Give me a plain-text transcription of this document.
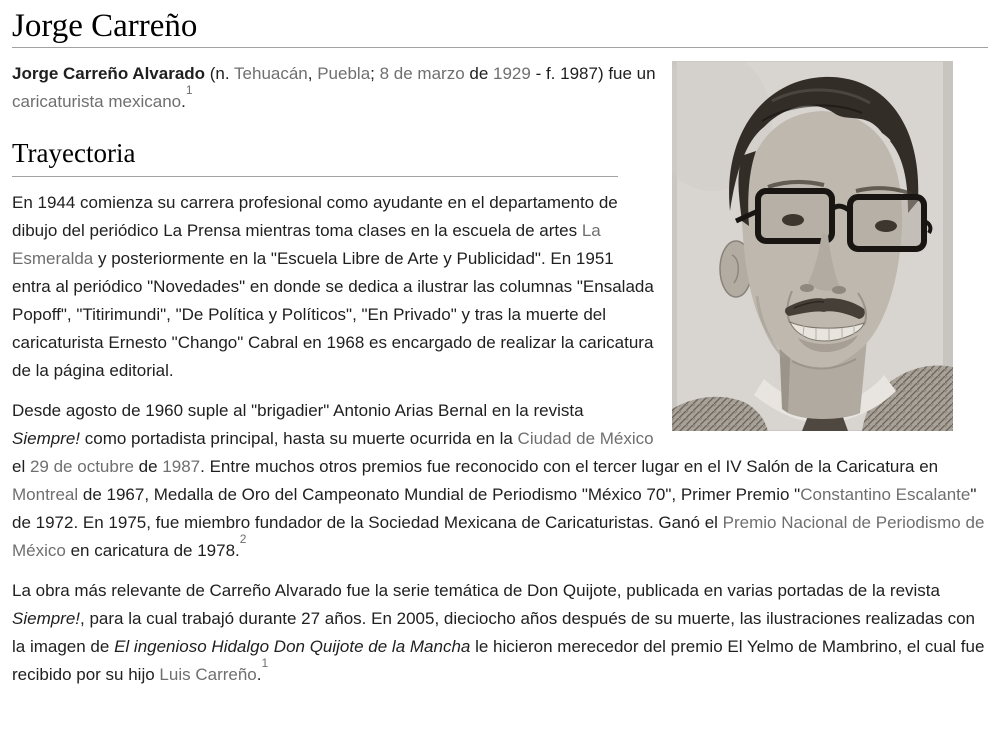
Jorge Carreño

Jorge Carreño Alvarado (n. Tehuacán, Puebla; 8 de marzo de 1929 - f. 1987) fue un caricaturista mexicano.$^1$

Trayectoria

En 1944 comienza su carrera profesional como ayudante en el departamento de dibujo del periódico La Prensa mientras toma clases en la escuela de artes La Esmeralda y posteriormente en la "Escuela Libre de Arte y Publicidad". En 1951 entra al periódico "Novedades" en donde se dedica a ilustrar las columnas "Ensalada Popoff", "Titirimundi", "De Política y Políticos", "En Privado" y tras la muerte del caricaturista Ernesto "Chango" Cabral en 1968 es encargado de realizar la caricatura de la página editorial.

Desde agosto de 1960 suple al "brigadier" Antonio Arias Bernal en la revista Siempre! como portadista principal, hasta su muerte ocurrida en la Ciudad de México el 29 de octubre de 1987. Entre muchos otros premios fue reconocido con el tercer lugar en el IV Salón de la Caricatura en Montreal de 1967, Medalla de Oro del Campeonato Mundial de Periodismo "México 70", Primer Premio "Constantino Escalante" de 1972. En 1975, fue miembro fundador de la Sociedad Mexicana de Caricaturistas. Ganó el Premio Nacional de Periodismo de México en caricatura de 1978.$^2$

La obra más relevante de Carreño Alvarado fue la serie temática de Don Quijote, publicada en varias portadas de la revista Siempre!, para la cual trabajó durante 27 años. En 2005, dieciocho años después de su muerte, las ilustraciones realizadas con la imagen de El ingenioso Hidalgo Don Quijote de la Mancha le hicieron merecedor del premio El Yelmo de Mambrino, el cual fue recibido por su hijo Luis Carreño.$^1$
